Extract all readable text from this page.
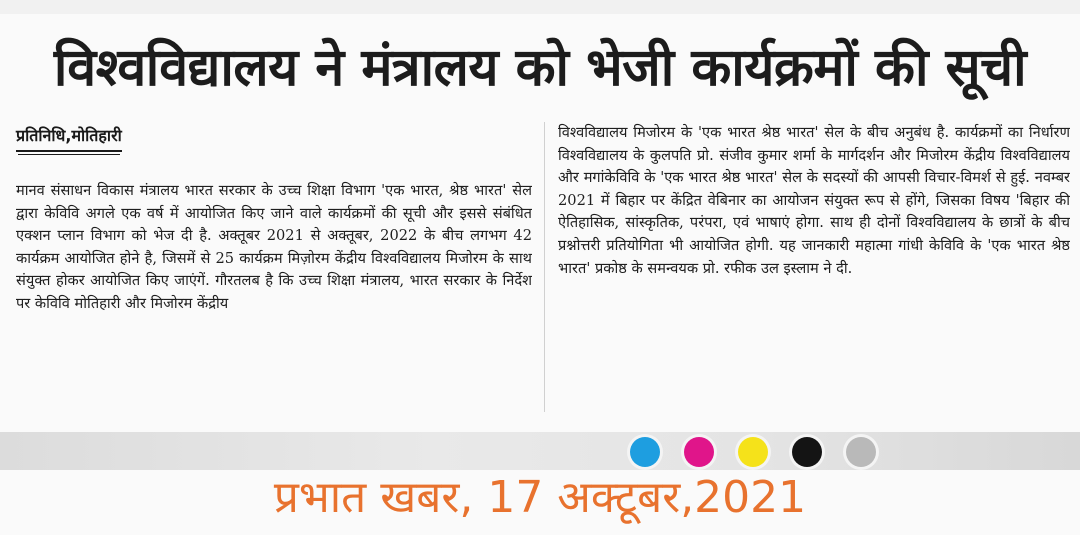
विश्वविद्यालय ने मंत्रालय को भेजी कार्यक्रमों की सूची
प्रतिनिधि,मोतिहारी

मानव संसाधन विकास मंत्रालय भारत सरकार के उच्च शिक्षा विभाग 'एक भारत, श्रेष्ठ भारत' सेल द्वारा केविवि अगले एक वर्ष में आयोजित किए जाने वाले कार्यक्रमों की सूची और इससे संबंधित एक्शन प्लान विभाग को भेज दी है. अक्तूबर 2021 से अक्तूबर, 2022 के बीच लगभग 42 कार्यक्रम आयोजित होने है, जिसमें से 25 कार्यक्रम मिज़ोरम केंद्रीय विश्वविद्यालय मिजोरम के साथ संयुक्त होकर आयोजित किए जाएंगें. गौरतलब है कि उच्च शिक्षा मंत्रालय, भारत सरकार के निर्देश पर केविवि मोतिहारी और मिजोरम केंद्रीय

विश्वविद्यालय मिजोरम के 'एक भारत श्रेष्ठ भारत' सेल के बीच अनुबंध है. कार्यक्रमों का निर्धारण विश्वविद्यालय के कुलपति प्रो. संजीव कुमार शर्मा के मार्गदर्शन और मिजोरम केंद्रीय विश्वविद्यालय और मगांकेविवि के 'एक भारत श्रेष्ठ भारत' सेल के सदस्यों की आपसी विचार-विमर्श से हुई. नवम्बर 2021 में बिहार पर केंद्रित वेबिनार का आयोजन संयुक्त रूप से होंगे, जिसका विषय 'बिहार की ऐतिहासिक, सांस्कृतिक, परंपरा, एवं भाषाएं होगा. साथ ही दोनों विश्वविद्यालय के छात्रों के बीच प्रश्नोत्तरी प्रतियोगिता भी आयोजित होगी. यह जानकारी महात्मा गांधी केविवि के 'एक भारत श्रेष्ठ भारत' प्रकोष्ठ के समन्वयक प्रो. रफीक उल इस्लाम ने दी.

प्रभात खबर, 17 अक्टूबर,2021
